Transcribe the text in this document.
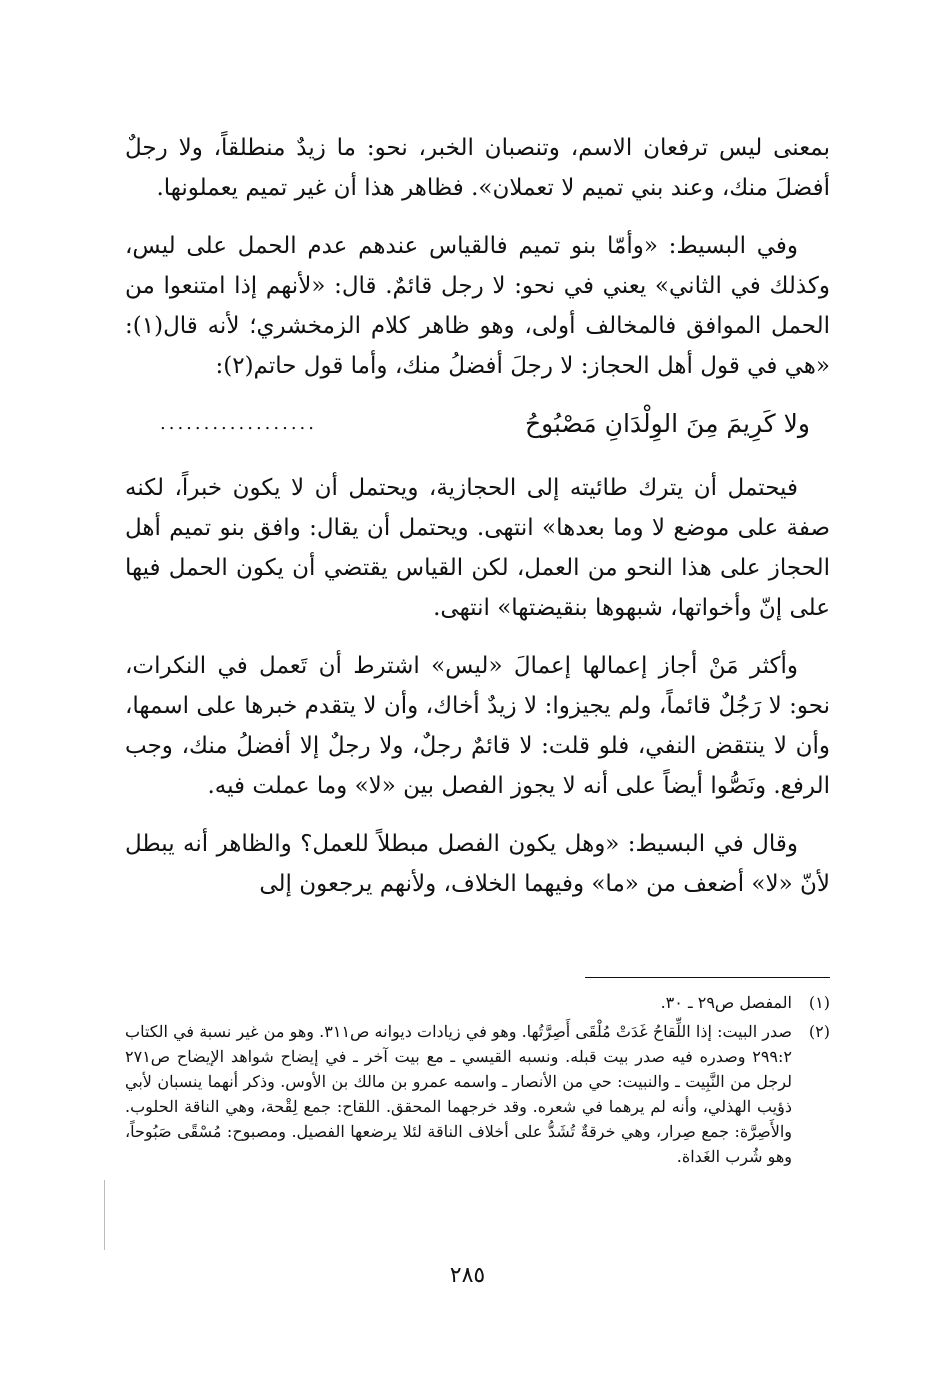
بمعنى ليس ترفعان الاسم، وتنصبان الخبر، نحو: ما زيدٌ منطلقاً، ولا رجلٌ أفضلَ منك، وعند بني تميم لا تعملان». فظاهر هذا أن غير تميم يعملونها.

وفي البسيط: «وأمّا بنو تميم فالقياس عندهم عدم الحمل على ليس، وكذلك في الثاني» يعني في نحو: لا رجل قائمٌ. قال: «لأنهم إذا امتنعوا من الحمل الموافق فالمخالف أولى، وهو ظاهر كلام الزمخشري؛ لأنه قال(١): «هي في قول أهل الحجاز: لا رجلَ أفضلُ منك، وأما قول حاتم(٢):

ولا كَرِيمَ مِنَ الوِلْدَانِ مَصْبُوحُ
..................

فيحتمل أن يترك طائيته إلى الحجازية، ويحتمل أن لا يكون خبراً، لكنه صفة على موضع لا وما بعدها» انتهى. ويحتمل أن يقال: وافق بنو تميم أهل الحجاز على هذا النحو من العمل، لكن القياس يقتضي أن يكون الحمل فيها على إنّ وأخواتها، شبهوها بنقيضتها» انتهى.

وأكثر مَنْ أجاز إعمالها إعمالَ «ليس» اشترط أن تَعمل في النكرات، نحو: لا رَجُلٌ قائماً، ولم يجيزوا: لا زيدٌ أخاك، وأن لا يتقدم خبرها على اسمها، وأن لا ينتقض النفي، فلو قلت: لا قائمٌ رجلٌ، ولا رجلٌ إلا أفضلُ منك، وجب الرفع. ونَصُّوا أيضاً على أنه لا يجوز الفصل بين «لا» وما عملت فيه.

وقال في البسيط: «وهل يكون الفصل مبطلاً للعمل؟ والظاهر أنه يبطل لأنّ «لا» أضعف من «ما» وفيهما الخلاف، ولأنهم يرجعون إلى

(١)
المفصل ص٢٩ ـ ٣٠.
(٢)
صدر البيت: إذا اللِّقاحُ غَدَتْ مُلْقَى أَصِرَّتُها. وهو في زيادات ديوانه ص٣١١. وهو من غير نسبة في الكتاب ٢٩٩:٢ وصدره فيه صدر بيت قبله. ونسبه القيسي ـ مع بيت آخر ـ في إيضاح شواهد الإيضاح ص٢٧١ لرجل من النَّبِيت ـ والنبيت: حي من الأنصار ـ واسمه عمرو بن مالك بن الأوس. وذكر أنهما ينسبان لأبي ذؤيب الهذلي، وأنه لم يرهما في شعره. وقد خرجهما المحقق. اللقاح: جمع لِقْحة، وهي الناقة الحلوب. والأَصِرَّة: جمع صِرار، وهي خرقةٌ تُشَدُّ على أخلاف الناقة لئلا يرضعها الفصيل. ومصبوح: مُسْقًى صَبُوحاً، وهو شُرب الغَداة.
٢٨٥
